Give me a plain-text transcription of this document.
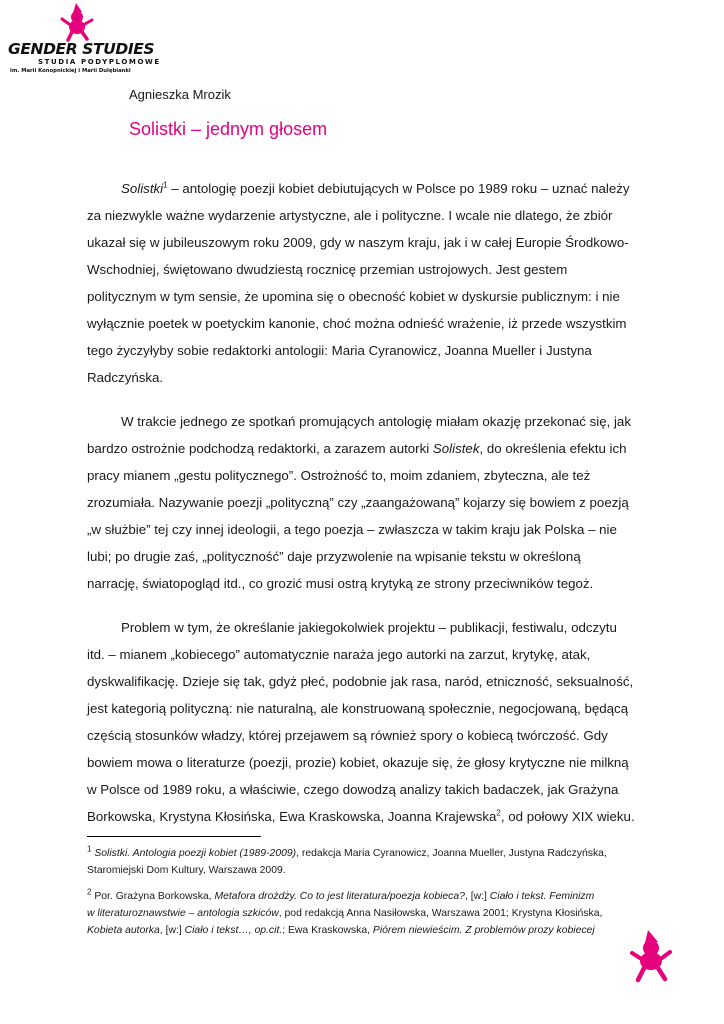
GENDER STUDIES
STUDIA PODYPLOMOWE
im. Marii Konopnickiej i Marii Dulębianki
Agnieszka Mrozik
Solistki – jednym głosem
Solistki$^1$ – antologię poezji kobiet debiutujących w Polsce po 1989 roku – uznać należy
za niezwykle ważne wydarzenie artystyczne, ale i polityczne. I wcale nie dlatego, że zbiór
ukazał się w jubileuszowym roku 2009, gdy w naszym kraju, jak i w całej Europie Środkowo-
Wschodniej, świętowano dwudziestą rocznicę przemian ustrojowych. Jest gestem
politycznym w tym sensie, że upomina się o obecność kobiet w dyskursie publicznym: i nie
wyłącznie poetek w poetyckim kanonie, choć można odnieść wrażenie, iż przede wszystkim
tego życzyłyby sobie redaktorki antologii: Maria Cyranowicz, Joanna Mueller i Justyna
Radczyńska.
W trakcie jednego ze spotkań promujących antologię miałam okazję przekonać się, jak
bardzo ostrożnie podchodzą redaktorki, a zarazem autorki Solistek, do określenia efektu ich
pracy mianem „gestu politycznego”. Ostrożność to, moim zdaniem, zbyteczna, ale też
zrozumiała. Nazywanie poezji „polityczną” czy „zaangażowaną” kojarzy się bowiem z poezją
„w służbie” tej czy innej ideologii, a tego poezja – zwłaszcza w takim kraju jak Polska – nie
lubi; po drugie zaś, „polityczność” daje przyzwolenie na wpisanie tekstu w określoną
narrację, światopogląd itd., co grozić musi ostrą krytyką ze strony przeciwników tegoż.
Problem w tym, że określanie jakiegokolwiek projektu – publikacji, festiwalu, odczytu
itd. – mianem „kobiecego” automatycznie naraża jego autorki na zarzut, krytykę, atak,
dyskwalifikację. Dzieje się tak, gdyż płeć, podobnie jak rasa, naród, etniczność, seksualność,
jest kategorią polityczną: nie naturalną, ale konstruowaną społecznie, negocjowaną, będącą
częścią stosunków władzy, której przejawem są również spory o kobiecą twórczość. Gdy
bowiem mowa o literaturze (poezji, prozie) kobiet, okazuje się, że głosy krytyczne nie milkną
w Polsce od 1989 roku, a właściwie, czego dowodzą analizy takich badaczek, jak Grażyna
Borkowska, Krystyna Kłosińska, Ewa Kraskowska, Joanna Krajewska$^2$, od połowy XIX wieku.
$^1$ Solistki. Antologia poezji kobiet (1989-2009), redakcja Maria Cyranowicz, Joanna Mueller, Justyna Radczyńska,
Staromiejski Dom Kultury, Warszawa 2009.
$^2$ Por. Grażyna Borkowska, Metafora drożdży. Co to jest literatura/poezja kobieca?, [w:] Ciało i tekst. Feminizm
w literaturoznawstwie – antologia szkiców, pod redakcją Anna Nasiłowska, Warszawa 2001; Krystyna Kłosińska,
Kobieta autorka, [w:] Ciało i tekst…, op.cit.; Ewa Kraskowska, Piórem niewieścim. Z problemów prozy kobiecej
